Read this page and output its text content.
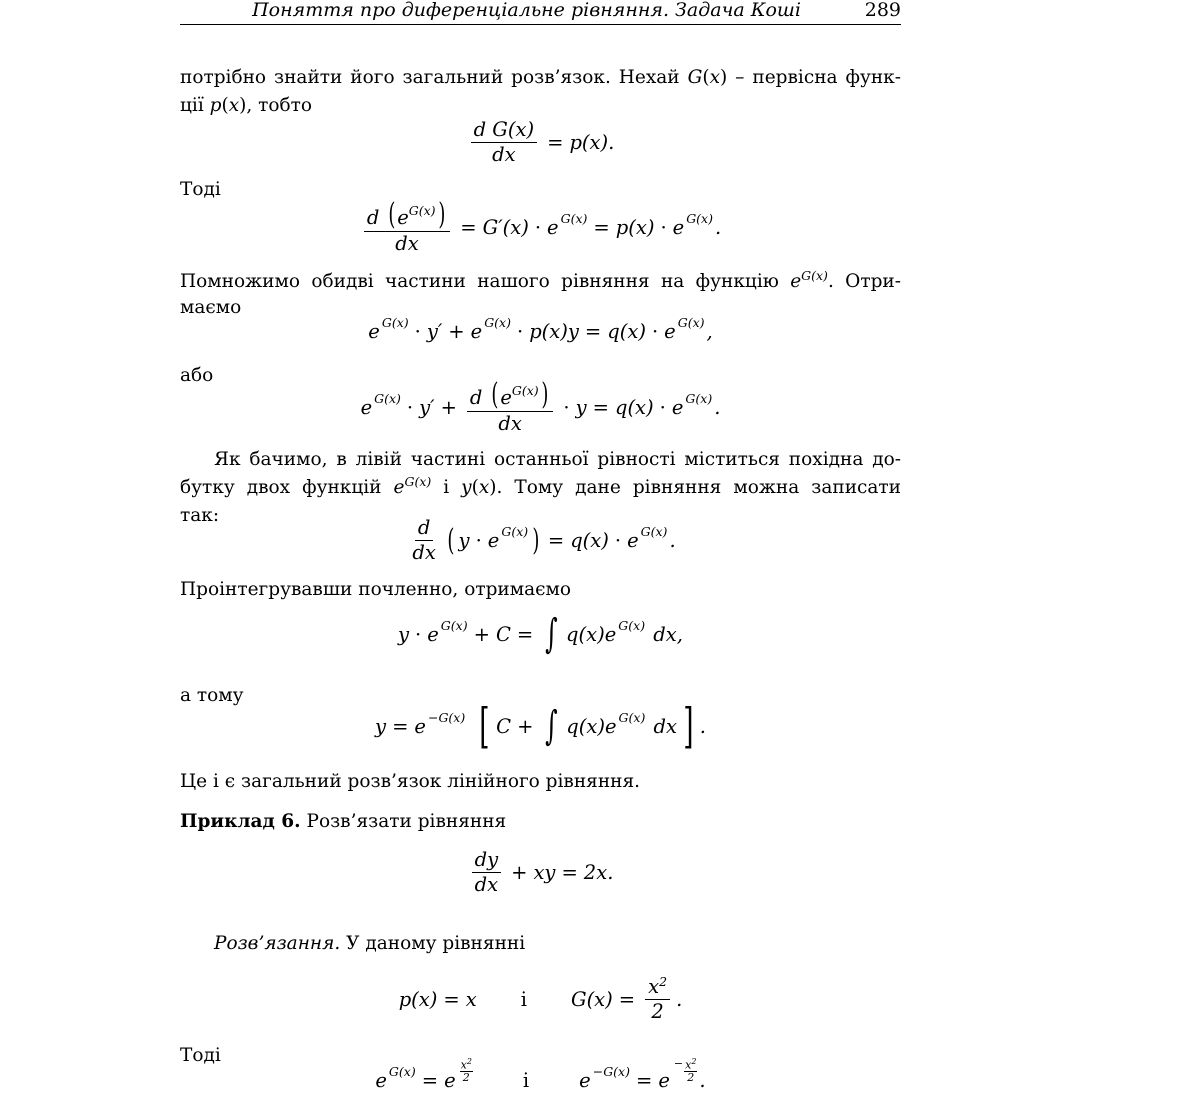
Поняття про диференціальне рівняння. Задача Коші	289
потрібно знайти його загальний розв’язок. Нехай G(x) – первісна функ-
ції p(x), тобто
$\frac{\text{d G(x)}}{dx} = p(x)$.
Тоді
$\frac{d ( e^{G(x)})}{dx} = G'(x) \cdot e$ G(x) = p(x) · e G(x) .
Помножимо обидві частини нашого рівняння на функцію $e^{G(x)}$. Отри-
маємо
e G(x) · y′ + e G(x) · p(x)y = q(x) · e G(x) ,
або
e $G(x) \cdot y' + \frac{d ( e^{G(x)})}{dx} \cdot y = q(x) \cdot e$ G(x) .
Як бачимо, в лівій частині останньої рівності міститься похідна до-
бутку двох функцій $e^{G(x)}$ і y(x). Тому дане рівняння можна записати
так:
$\frac{d}{dx}$ ( y · e G(x) ) = q(x) · e G(x) .
Проінтегрувавши почленно, отримаємо
y · e G(x) + C = ∫ q(x)e G(x) dx,
а тому
y = e −G(x)
[ C + ∫ q(x)e G(x) dx ] .
Це і є загальний розв’язок лінійного рівняння.
Приклад 6. Розв’язати рівняння
$\frac{dy}{dx}$ + xy = 2x.
Розв’язання. У даному рівнянні
p(x) = x і $G(x) = \frac{x^2}{2}$ .
Тоді
e G(x) = e $\frac{x^2}{2}$	і	e −G(x) = e
− $\frac{x^2}{2}$ .
